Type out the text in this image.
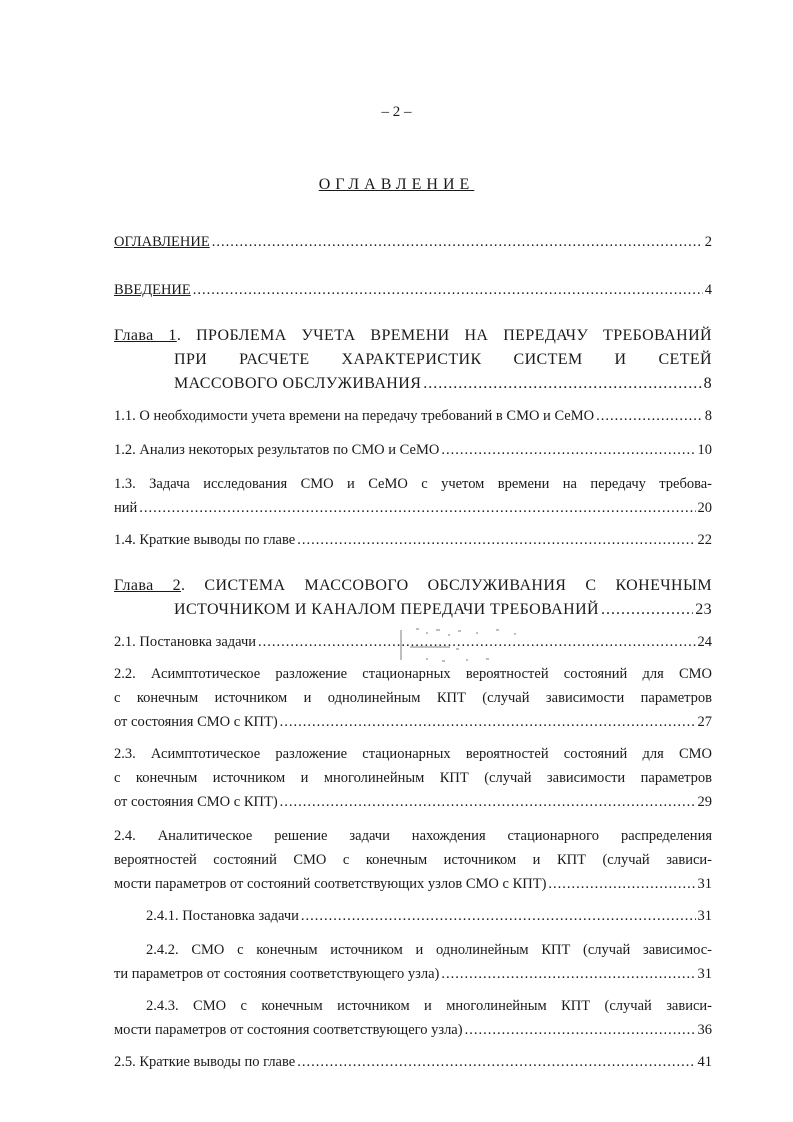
– 2 –
ОГЛАВЛЕНИЕ
ОГЛАВЛЕНИЕ .....	2
ВВЕДЕНИЕ .....	4
Глава 1. ПРОБЛЕМА УЧЕТА ВРЕМЕНИ НА ПЕРЕДАЧУ ТРЕБОВАНИЙ
ПРИ РАСЧЕТЕ ХАРАКТЕРИСТИК СИСТЕМ И СЕТЕЙ
МАССОВОГО ОБСЛУЖИВАНИЯ .....	8
1.1. О необходимости учета времени на передачу требований в СМО и СеМО .....	8
1.2. Анализ некоторых результатов по СМО и СеМО .....	10
1.3. Задача исследования СМО и СеМО с учетом времени на передачу требова-
ний .....	20
1.4. Краткие выводы по главе .....	22
Глава 2. СИСТЕМА МАССОВОГО ОБСЛУЖИВАНИЯ С КОНЕЧНЫМ
ИСТОЧНИКОМ И КАНАЛОМ ПЕРЕДАЧИ ТРЕБОВАНИЙ .....	23
2.1. Постановка задачи .....	24
2.2. Асимптотическое разложение стационарных вероятностей состояний для СМО
с конечным источником и однолинейным КПТ (случай зависимости параметров
от состояния СМО с КПТ) .....	27
2.3. Асимптотическое разложение стационарных вероятностей состояний для СМО
с конечным источником и многолинейным КПТ (случай зависимости параметров
от состояния СМО с КПТ) .....	29
2.4. Аналитическое решение задачи нахождения стационарного распределения
вероятностей состояний СМО с конечным источником и КПТ (случай зависи-
мости параметров от состояний соответствующих узлов СМО с КПТ) .....	31
2.4.1. Постановка задачи .....	31
2.4.2. СМО с конечным источником и однолинейным КПТ (случай зависимос-
ти параметров от состояния соответствующего узла) .....	31
2.4.3. СМО с конечным источником и многолинейным КПТ (случай зависи-
мости параметров от состояния соответствующего узла) .....	36
2.5. Краткие выводы по главе .....	41
